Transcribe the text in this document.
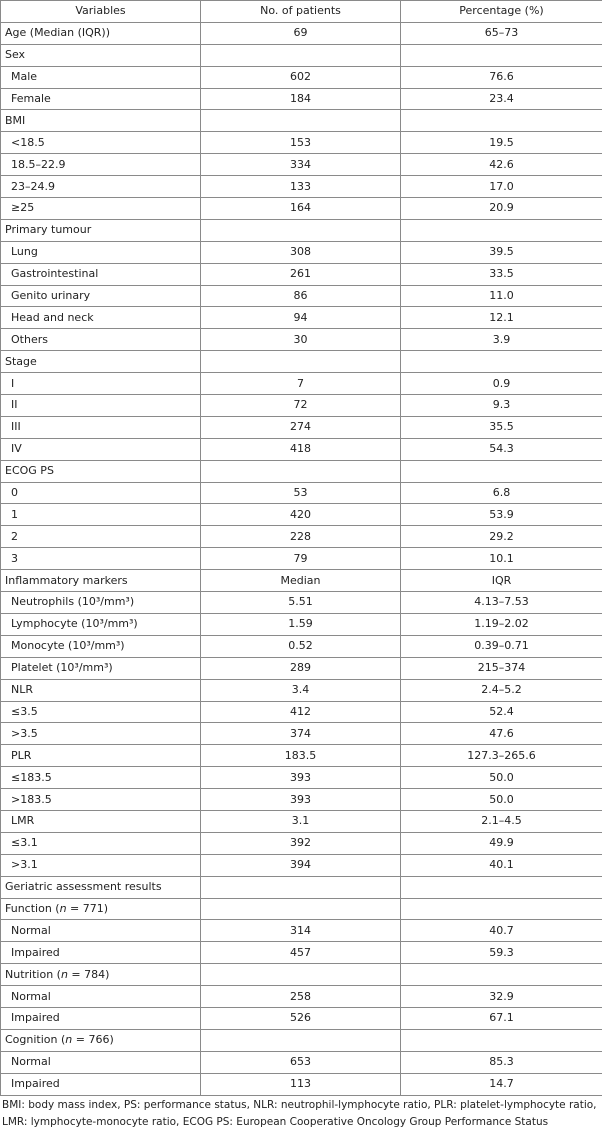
Variables	No. of patients	Percentage (%)
Age (Median (IQR))	69	65–73
Sex		
Male	602	76.6
Female	184	23.4
BMI		
<18.5	153	19.5
18.5–22.9	334	42.6
23–24.9	133	17.0
≥25	164	20.9
Primary tumour		
Lung	308	39.5
Gastrointestinal	261	33.5
Genito urinary	86	11.0
Head and neck	94	12.1
Others	30	3.9
Stage		
I	7	0.9
II	72	9.3
III	274	35.5
IV	418	54.3
ECOG PS		
0	53	6.8
1	420	53.9
2	228	29.2
3	79	10.1
Inflammatory markers	Median	IQR
Neutrophils (10³/mm³)	5.51	4.13–7.53
Lymphocyte (10³/mm³)	1.59	1.19–2.02
Monocyte (10³/mm³)	0.52	0.39–0.71
Platelet (10³/mm³)	289	215–374
NLR	3.4	2.4–5.2
≤3.5	412	52.4
>3.5	374	47.6
PLR	183.5	127.3–265.6
≤183.5	393	50.0
>183.5	393	50.0
LMR	3.1	2.1–4.5
≤3.1	392	49.9
>3.1	394	40.1
Geriatric assessment results		
Function (n = 771)		
Normal	314	40.7
Impaired	457	59.3
Nutrition (n = 784)		
Normal	258	32.9
Impaired	526	67.1
Cognition (n = 766)		
Normal	653	85.3
Impaired	113	14.7
BMI: body mass index, PS: performance status, NLR: neutrophil-lymphocyte ratio, PLR: platelet-lymphocyte ratio, LMR: lymphocyte-monocyte ratio, ECOG PS: European Cooperative Oncology Group Performance Status
